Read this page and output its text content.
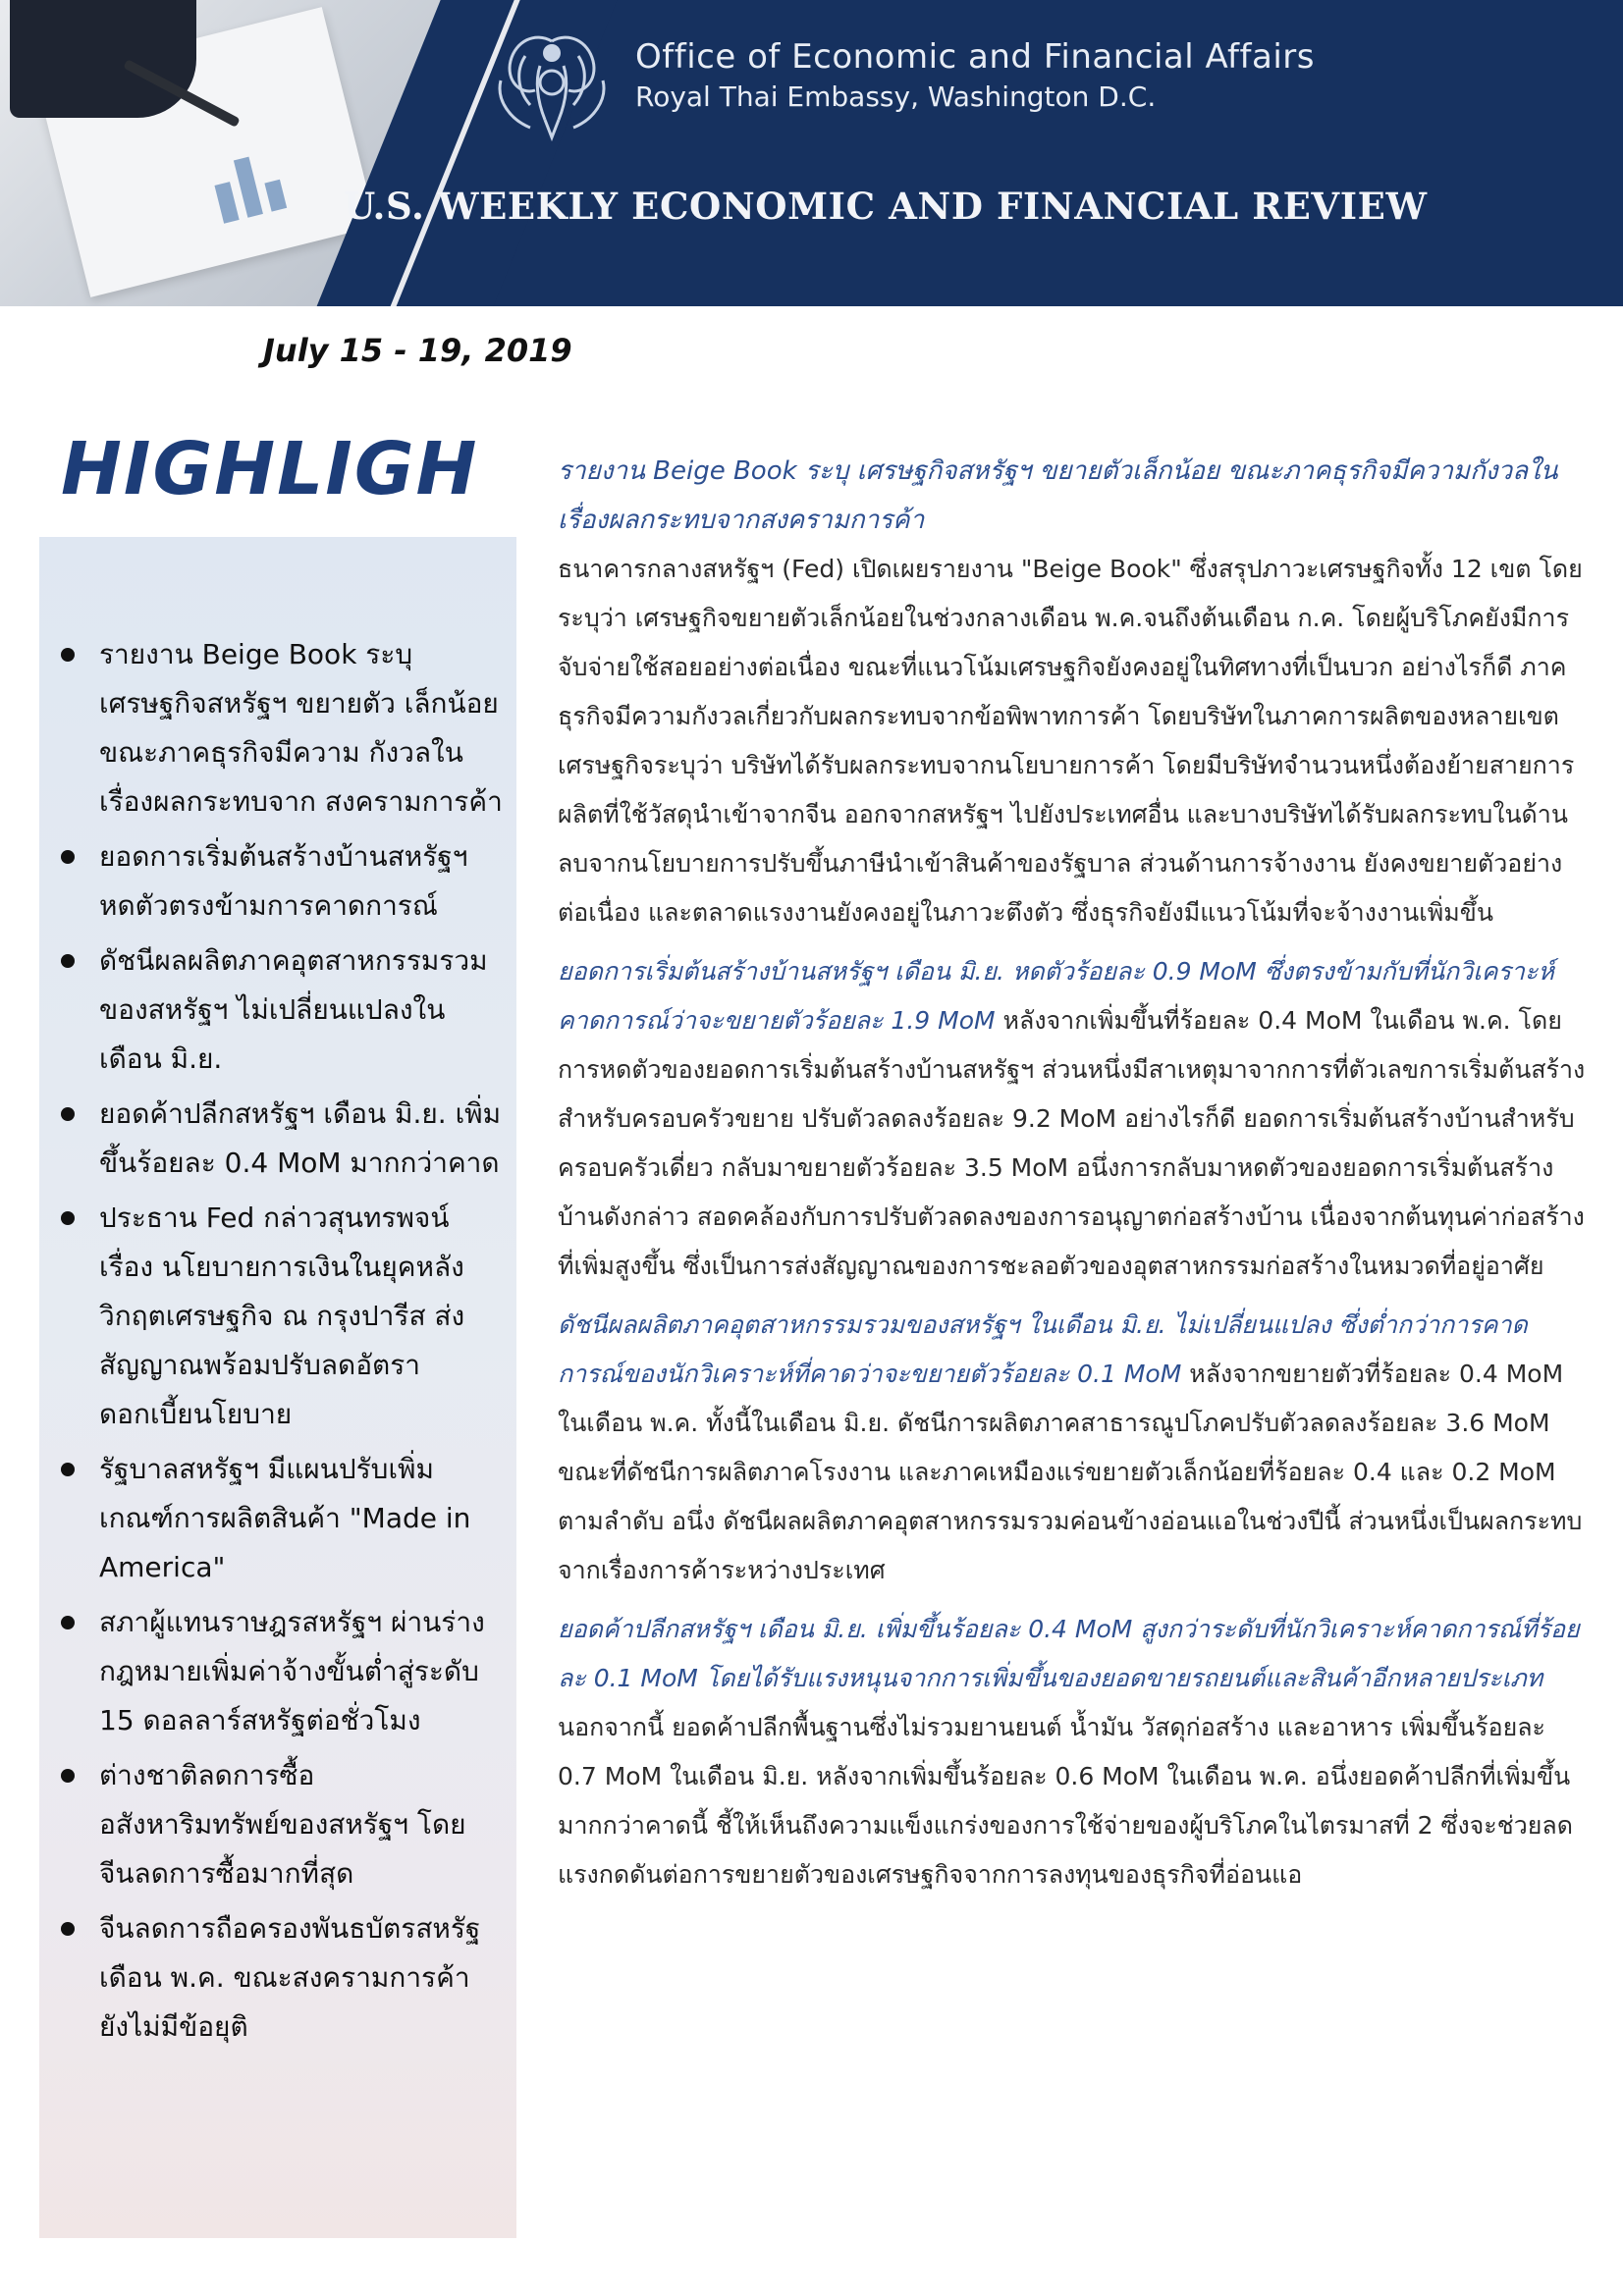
Office of Economic and Financial Affairs
Royal Thai Embassy, Washington D.C.
U.S. WEEKLY ECONOMIC AND FINANCIAL REVIEW
July 15 - 19, 2019
HIGHLIGH
รายงาน Beige Book ระบุ เศรษฐกิจสหรัฐฯ ขยายตัว เล็กน้อย ขณะภาคธุรกิจมีความ กังวลในเรื่องผลกระทบจาก สงครามการค้า
ยอดการเริ่มต้นสร้างบ้านสหรัฐฯ หดตัวตรงข้ามการคาดการณ์
ดัชนีผลผลิตภาคอุตสาหกรรมรวม ของสหรัฐฯ ไม่เปลี่ยนแปลงใน เดือน มิ.ย.
ยอดค้าปลีกสหรัฐฯ เดือน มิ.ย. เพิ่มขึ้นร้อยละ 0.4 MoM มากกว่าคาด
ประธาน Fed กล่าวสุนทรพจน์ เรื่อง นโยบายการเงินในยุคหลัง วิกฤตเศรษฐกิจ ณ กรุงปารีส ส่ง สัญญาณพร้อมปรับลดอัตรา ดอกเบี้ยนโยบาย
รัฐบาลสหรัฐฯ มีแผนปรับเพิ่ม เกณฑ์การผลิตสินค้า "Made in America"
สภาผู้แทนราษฎรสหรัฐฯ ผ่านร่าง กฎหมายเพิ่มค่าจ้างขั้นต่ำสู่ระดับ 15 ดอลลาร์สหรัฐต่อชั่วโมง
ต่างชาติลดการซื้อ อสังหาริมทรัพย์ของสหรัฐฯ โดย จีนลดการซื้อมากที่สุด
จีนลดการถือครองพันธบัตรสหรัฐ เดือน พ.ค. ขณะสงครามการค้า ยังไม่มีข้อยุติ
รายงาน Beige Book ระบุ เศรษฐกิจสหรัฐฯ ขยายตัวเล็กน้อย ขณะภาคธุรกิจมีความกังวลในเรื่องผลกระทบจากสงครามการค้า
ธนาคารกลางสหรัฐฯ (Fed) เปิดเผยรายงาน "Beige Book" ซึ่งสรุปภาวะเศรษฐกิจทั้ง 12 เขต โดยระบุว่า เศรษฐกิจขยายตัวเล็กน้อยในช่วงกลางเดือน พ.ค.จนถึงต้นเดือน ก.ค. โดยผู้บริโภคยังมีการจับจ่ายใช้สอยอย่างต่อเนื่อง ขณะที่แนวโน้มเศรษฐกิจยังคงอยู่ในทิศทางที่เป็นบวก อย่างไรก็ดี ภาคธุรกิจมีความกังวลเกี่ยวกับผลกระทบจากข้อพิพาทการค้า โดยบริษัทในภาคการผลิตของหลายเขตเศรษฐกิจระบุว่า บริษัทได้รับผลกระทบจากนโยบายการค้า โดยมีบริษัทจำนวนหนึ่งต้องย้ายสายการผลิตที่ใช้วัสดุนำเข้าจากจีน ออกจากสหรัฐฯ ไปยังประเทศอื่น และบางบริษัทได้รับผลกระทบในด้านลบจากนโยบายการปรับขึ้นภาษีนำเข้าสินค้าของรัฐบาล ส่วนด้านการจ้างงาน ยังคงขยายตัวอย่างต่อเนื่อง และตลาดแรงงานยังคงอยู่ในภาวะตึงตัว ซึ่งธุรกิจยังมีแนวโน้มที่จะจ้างงานเพิ่มขึ้น
ยอดการเริ่มต้นสร้างบ้านสหรัฐฯ เดือน มิ.ย. หดตัวร้อยละ 0.9 MoM ซึ่งตรงข้ามกับที่นักวิเคราะห์คาดการณ์ว่าจะขยายตัวร้อยละ 1.9 MoM หลังจากเพิ่มขึ้นที่ร้อยละ 0.4 MoM ในเดือน พ.ค. โดยการหดตัวของยอดการเริ่มต้นสร้างบ้านสหรัฐฯ ส่วนหนึ่งมีสาเหตุมาจากการที่ตัวเลขการเริ่มต้นสร้างสำหรับครอบครัวขยาย ปรับตัวลดลงร้อยละ 9.2 MoM อย่างไรก็ดี ยอดการเริ่มต้นสร้างบ้านสำหรับครอบครัวเดี่ยว กลับมาขยายตัวร้อยละ 3.5 MoM อนึ่งการกลับมาหดตัวของยอดการเริ่มต้นสร้างบ้านดังกล่าว สอดคล้องกับการปรับตัวลดลงของการอนุญาตก่อสร้างบ้าน เนื่องจากต้นทุนค่าก่อสร้างที่เพิ่มสูงขึ้น ซึ่งเป็นการส่งสัญญาณของการชะลอตัวของอุตสาหกรรมก่อสร้างในหมวดที่อยู่อาศัย
ดัชนีผลผลิตภาคอุตสาหกรรมรวมของสหรัฐฯ ในเดือน มิ.ย. ไม่เปลี่ยนแปลง ซึ่งต่ำกว่าการคาดการณ์ของนักวิเคราะห์ที่คาดว่าจะขยายตัวร้อยละ 0.1 MoM หลังจากขยายตัวที่ร้อยละ 0.4 MoM ในเดือน พ.ค. ทั้งนี้ในเดือน มิ.ย. ดัชนีการผลิตภาคสาธารณูปโภคปรับตัวลดลงร้อยละ 3.6 MoM ขณะที่ดัชนีการผลิตภาคโรงงาน และภาคเหมืองแร่ขยายตัวเล็กน้อยที่ร้อยละ 0.4 และ 0.2 MoM ตามลำดับ อนึ่ง ดัชนีผลผลิตภาคอุตสาหกรรมรวมค่อนข้างอ่อนแอในช่วงปีนี้ ส่วนหนึ่งเป็นผลกระทบจากเรื่องการค้าระหว่างประเทศ
ยอดค้าปลีกสหรัฐฯ เดือน มิ.ย. เพิ่มขึ้นร้อยละ 0.4 MoM สูงกว่าระดับที่นักวิเคราะห์คาดการณ์ที่ร้อยละ 0.1 MoM โดยได้รับแรงหนุนจากการเพิ่มขึ้นของยอดขายรถยนต์และสินค้าอีกหลายประเภท นอกจากนี้ ยอดค้าปลีกพื้นฐานซึ่งไม่รวมยานยนต์ น้ำมัน วัสดุก่อสร้าง และอาหาร เพิ่มขึ้นร้อยละ 0.7 MoM ในเดือน มิ.ย. หลังจากเพิ่มขึ้นร้อยละ 0.6 MoM ในเดือน พ.ค. อนึ่งยอดค้าปลีกที่เพิ่มขึ้นมากกว่าคาดนี้ ชี้ให้เห็นถึงความแข็งแกร่งของการใช้จ่ายของผู้บริโภคในไตรมาสที่ 2 ซึ่งจะช่วยลดแรงกดดันต่อการขยายตัวของเศรษฐกิจจากการลงทุนของธุรกิจที่อ่อนแอ
